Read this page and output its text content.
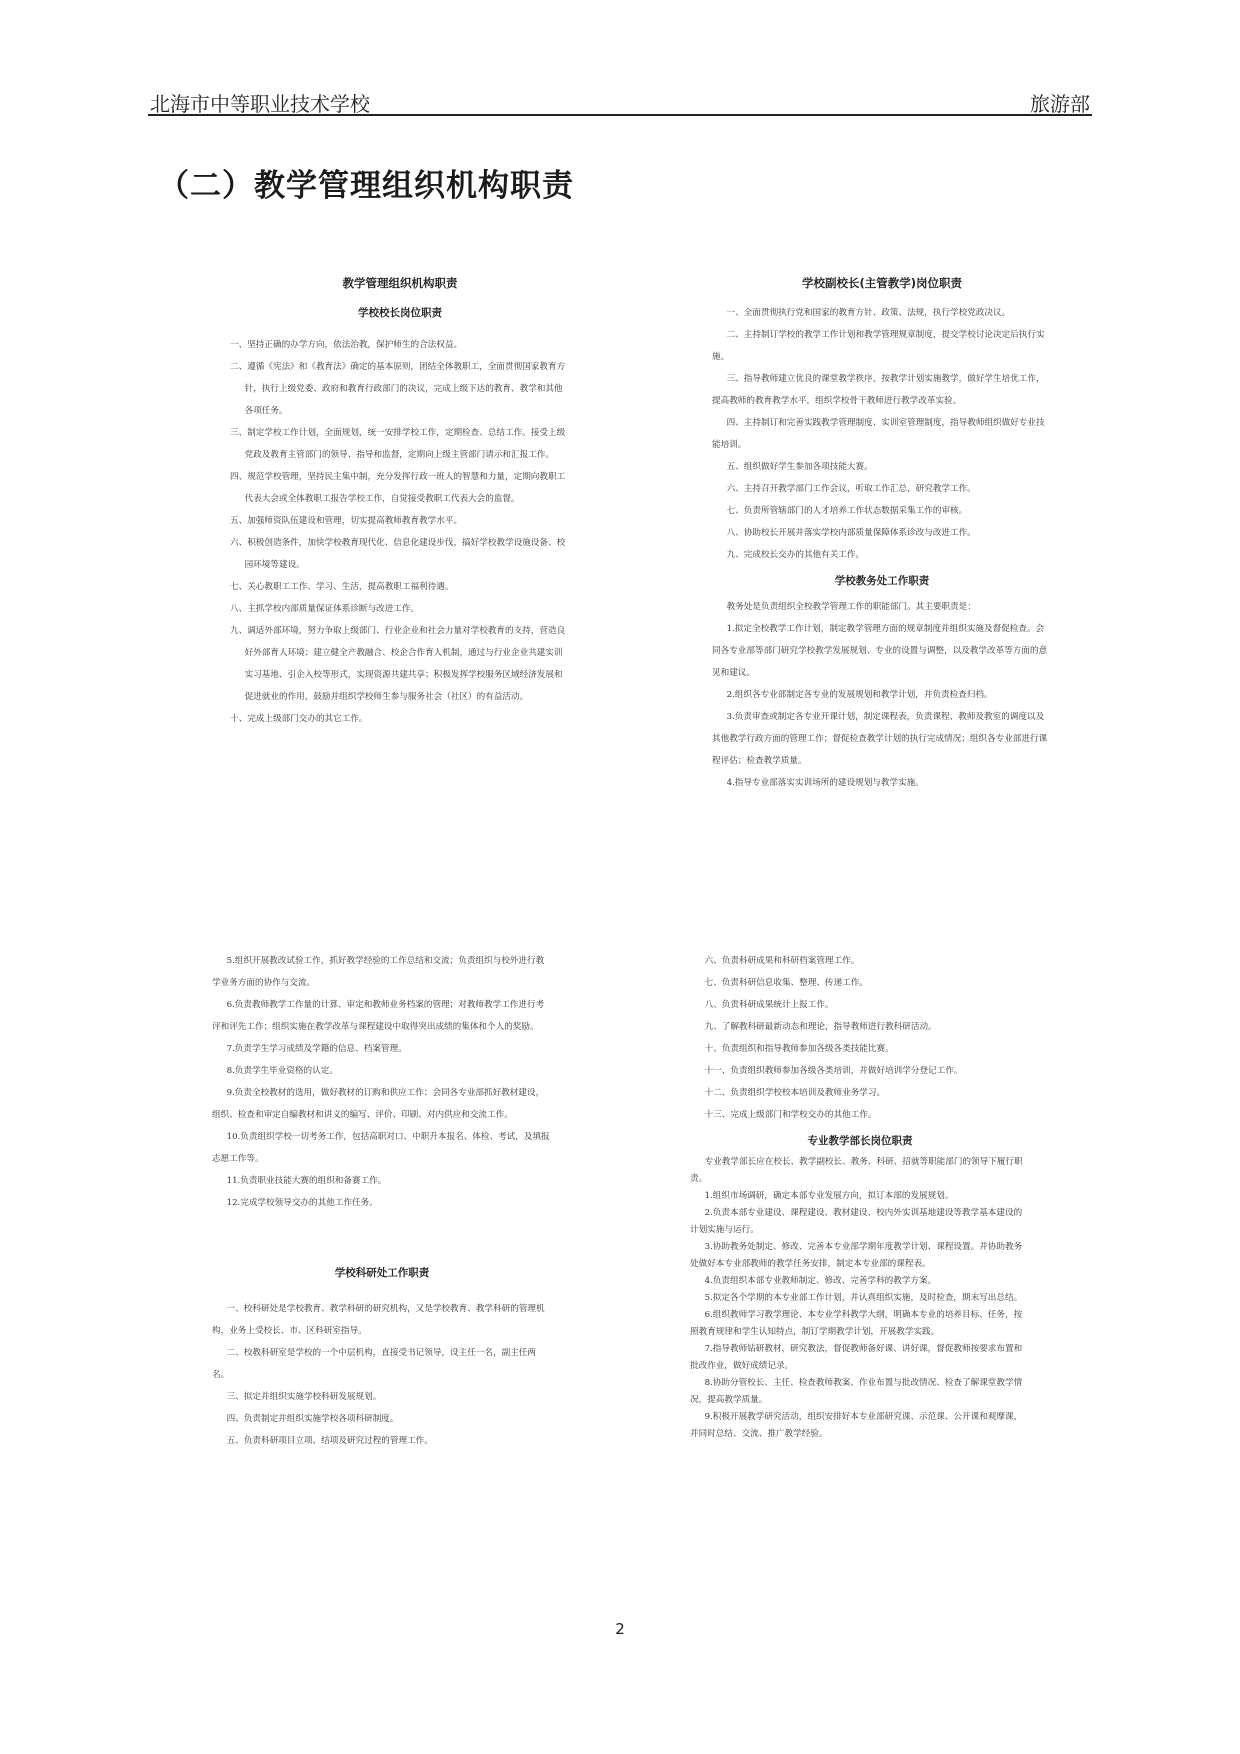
北海市中等职业技术学校	旅游部
（二）教学管理组织机构职责
教学管理组织机构职责
学校校长岗位职责

一、坚持正确的办学方向，依法治教，保护师生的合法权益。

二、遵循《宪法》和《教育法》确定的基本原则，团结全体教职工，全面贯彻国家教育方针，执行上级党委、政府和教育行政部门的决议，完成上级下达的教育、教学和其他各项任务。

三、制定学校工作计划，全面规划，统一安排学校工作，定期检查、总结工作。接受上级党政及教育主管部门的领导、指导和监督，定期向上级主管部门请示和汇报工作。

四、规范学校管理，坚持民主集中制，充分发挥行政一班人的智慧和力量，定期向教职工代表大会或全体教职工报告学校工作，自觉接受教职工代表大会的监督。

五、加强师资队伍建设和管理，切实提高教师教育教学水平。

六、积极创造条件，加快学校教育现代化、信息化建设步伐，搞好学校教学设施设备、校园环境等建设。

七、关心教职工工作、学习、生活，提高教职工福利待遇。

八、主抓学校内部质量保证体系诊断与改进工作。

九、调适外部环境，努力争取上级部门、行业企业和社会力量对学校教育的支持，营造良好外部育人环境；建立健全产教融合、校企合作育人机制，通过与行业企业共建实训实习基地、引企入校等形式，实现资源共建共享；积极发挥学校服务区域经济发展和促进就业的作用，鼓励并组织学校师生参与服务社会（社区）的有益活动。

十、完成上级部门交办的其它工作。

学校副校长(主管教学)岗位职责

一、全面贯彻执行党和国家的教育方针、政策、法规，执行学校党政决议。

二、主持制订学校的教学工作计划和教学管理规章制度，提交学校讨论决定后执行实施。

三、指导教师建立优良的课堂教学秩序，按教学计划实施教学，做好学生培优工作，提高教师的教育教学水平，组织学校骨干教师进行教学改革实验。

四、主持制订和完善实践教学管理制度、实训室管理制度，指导教师组织做好专业技能培训。

五、组织做好学生参加各项技能大赛。

六、主持召开教学部门工作会议，听取工作汇总，研究教学工作。

七、负责所管辖部门的人才培养工作状态数据采集工作的审核。

八、协助校长开展并落实学校内部质量保障体系诊改与改进工作。

九、完成校长交办的其他有关工作。

学校教务处工作职责

教务处是负责组织全校教学管理工作的职能部门。其主要职责是：

1.拟定全校教学工作计划，制定教学管理方面的规章制度并组织实施及督促检查。会同各专业部等部门研究学校教学发展规划、专业的设置与调整，以及教学改革等方面的意见和建议。

2.组织各专业部制定各专业的发展规划和教学计划，并负责检查归档。

3.负责审查或制定各专业开课计划，制定课程表，负责课程、教师及教室的调度以及其他教学行政方面的管理工作；督促检查教学计划的执行完成情况；组织各专业部进行课程评估；检查教学质量。

4.指导专业部落实实训场所的建设规划与教学实施。

5.组织开展教改试验工作，抓好教学经验的工作总结和交流；负责组织与校外进行教学业务方面的协作与交流。

6.负责教师教学工作量的计算、审定和教师业务档案的管理；对教师教学工作进行考评和评先工作；组织实施在教学改革与课程建设中取得突出成绩的集体和个人的奖励。

7.负责学生学习成绩及学籍的信息、档案管理。

8.负责学生毕业资格的认定。

9.负责全校教材的选用，做好教材的订购和供应工作；会同各专业部抓好教材建设，组织、检查和审定自编教材和讲义的编写、评价、印刷、对内供应和交流工作。

10.负责组织学校一切考务工作，包括高职对口、中职升本报名、体检、考试，及填报志愿工作等。

11.负责职业技能大赛的组织和备赛工作。

12.完成学校领导交办的其他工作任务。

学校科研处工作职责

一、校科研处是学校教育、教学科研的研究机构，又是学校教育、教学科研的管理机构，业务上受校长、市、区科研室指导。

二、校教科研室是学校的一个中层机构，直接受书记领导，设主任一名，副主任两名。

三、拟定并组织实施学校科研发展规划。

四、负责制定并组织实施学校各项科研制度。

五、负责科研项目立项、结项及研究过程的管理工作。

六、负责科研成果和科研档案管理工作。

七、负责科研信息收集、整理、传递工作。

八、负责科研成果统计上报工作。

九、了解教科研最新动态和理论，指导教师进行教科研活动。

十、负责组织和指导教师参加各级各类技能比赛。

十一、负责组织教师参加各级各类培训，并做好培训学分登记工作。

十二、负责组织学校校本培训及教师业务学习。

十三、完成上级部门和学校交办的其他工作。

专业教学部长岗位职责

专业教学部长应在校长、教学副校长、教务、科研、招就等职能部门的领导下履行职责。

1.组织市场调研，确定本部专业发展方向，拟订本部的发展规划。

2.负责本部专业建设、课程建设、教材建设、校内外实训基地建设等教学基本建设的计划实施与运行。

3.协助教务处制定、修改、完善本专业部学期年度教学计划、课程设置。并协助教务处做好本专业部教师的教学任务安排，制定本专业部的课程表。

4.负责组织本部专业教师制定、修改、完善学科的教学方案。

5.拟定各个学期的本专业部工作计划，并认真组织实施，及时检查，期末写出总结。

6.组织教师学习教学理论、本专业学科教学大纲，明确本专业的培养目标、任务，按照教育规律和学生认知特点，制订学期教学计划，开展教学实践。

7.指导教师钻研教材，研究教法，督促教师备好课、讲好课，督促教师按要求布置和批改作业，做好成绩记录。

8.协助分管校长、主任、检查教师教案、作业布置与批改情况、检查了解课堂教学情况，提高教学质量。

9.积极开展教学研究活动，组织安排好本专业部研究课、示范课、公开课和观摩课，并同时总结、交流、推广教学经验。

2
